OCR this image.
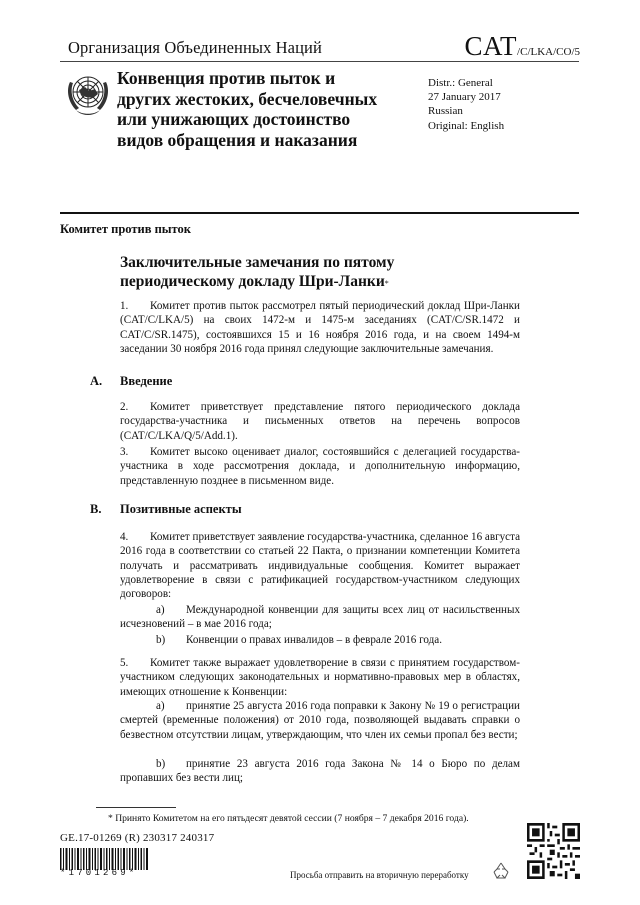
Организация Объединенных Наций	CAT/C/LKA/CO/5
Конвенция против пыток и
других жестоких, бесчеловечных
или унижающих достоинство
видов обращения и наказания
Distr.: General
27 January 2017
Russian
Original: English
Комитет против пыток
Заключительные замечания по пятому
периодическому докладу Шри-Ланки*
1. Комитет против пыток рассмотрел пятый периодический доклад Шри-Ланки (CAT/C/LKA/5) на своих 1472-м и 1475-м заседаниях (CAT/C/SR.1472 и CAT/C/SR.1475), состоявшихся 15 и 16 ноября 2016 года, и на своем 1494-м заседании 30 ноября 2016 года принял следующие заключительные замечания.
A. Введение
2. Комитет приветствует представление пятого периодического доклада государства-участника и письменных ответов на перечень вопросов (CAT/C/LKA/Q/5/Add.1).
3. Комитет высоко оценивает диалог, состоявшийся с делегацией государства-участника в ходе рассмотрения доклада, и дополнительную информацию, представленную позднее в письменном виде.
B. Позитивные аспекты
4. Комитет приветствует заявление государства-участника, сделанное 16 августа 2016 года в соответствии со статьей 22 Пакта, о признании компетенции Комитета получать и рассматривать индивидуальные сообщения. Комитет выражает удовлетворение в связи с ратификацией государством-участником следующих договоров:
a) Международной конвенции для защиты всех лиц от насильственных исчезновений – в мае 2016 года;
b) Конвенции о правах инвалидов – в феврале 2016 года.
5. Комитет также выражает удовлетворение в связи с принятием государством-участником следующих законодательных и нормативно-правовых мер в областях, имеющих отношение к Конвенции:
a) принятие 25 августа 2016 года поправки к Закону № 19 о регистрации смертей (временные положения) от 2010 года, позволяющей выдавать справки о безвестном отсутствии лицам, утверждающим, что член их семьи пропал без вести;
b) принятие 23 августа 2016 года Закона № 14 о Бюро по делам пропавших без вести лиц;
* Принято Комитетом на его пятьдесят девятой сессии (7 ноября – 7 декабря 2016 года).
GE.17-01269 (R) 230317 240317
*1701269*	Просьба отправить на вторичную переработку
